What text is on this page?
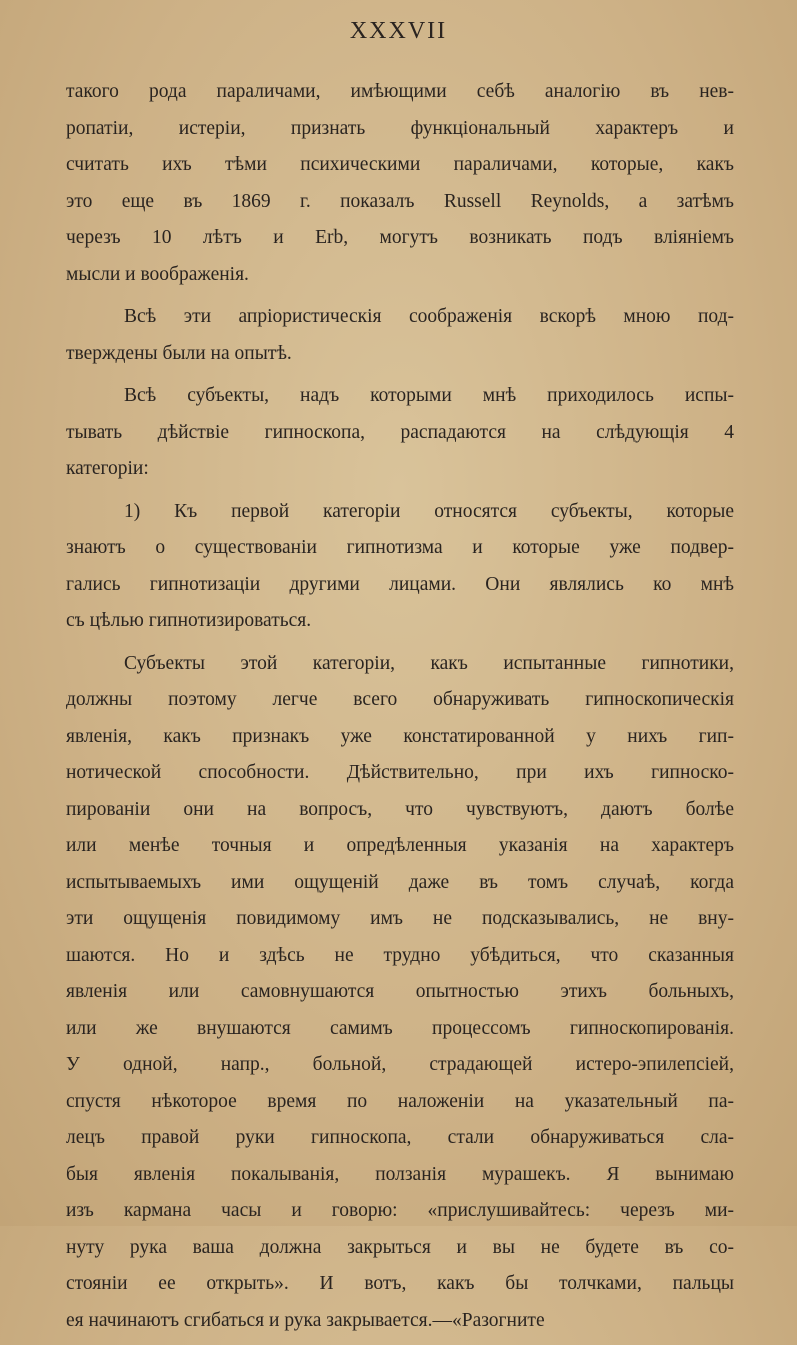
XXXVII
такого рода параличами, имѣющими себѣ аналогію въ нев-
ропатіи, истеріи, признать функціональный характеръ и
считать ихъ тѣми психическими параличами, которые, какъ
это еще въ 1869 г. показалъ Russell Reynolds, а затѣмъ
черезъ 10 лѣтъ и Erb, могутъ возникать подъ вліяніемъ
мысли и воображенія.
Всѣ эти апріористическія соображенія вскорѣ мною под-
тверждены были на опытѣ.
Всѣ субъекты, надъ которыми мнѣ приходилось испы-
тывать дѣйствіе гипноскопа, распадаются на слѣдующія 4
категоріи:
1) Къ первой категоріи относятся субъекты, которые
знаютъ о существованіи гипнотизма и которые уже подвер-
гались гипнотизаціи другими лицами. Они являлись ко мнѣ
съ цѣлью гипнотизироваться.
Субъекты этой категоріи, какъ испытанные гипнотики,
должны поэтому легче всего обнаруживать гипноскопическія
явленія, какъ признакъ уже констатированной у нихъ гип-
нотической способности. Дѣйствительно, при ихъ гипноско-
пированіи они на вопросъ, что чувствуютъ, даютъ болѣе
или менѣе точныя и опредѣленныя указанія на характеръ
испытываемыхъ ими ощущеній даже въ томъ случаѣ, когда
эти ощущенія повидимому имъ не подсказывались, не вну-
шаются. Но и здѣсь не трудно убѣдиться, что сказанныя
явленія или самовнушаются опытностью этихъ больныхъ,
или же внушаются самимъ процессомъ гипноскопированія.
У одной, напр., больной, страдающей истеро-эпилепсіей,
спустя нѣкоторое время по наложеніи на указательный па-
лецъ правой руки гипноскопа, стали обнаруживаться сла-
быя явленія покалыванія, ползанія мурашекъ. Я вынимаю
изъ кармана часы и говорю: «прислушивайтесь: черезъ ми-
нуту рука ваша должна закрыться и вы не будете въ со-
стояніи ее открыть». И вотъ, какъ бы толчками, пальцы
ея начинаютъ сгибаться и рука закрывается.—«Разогните
